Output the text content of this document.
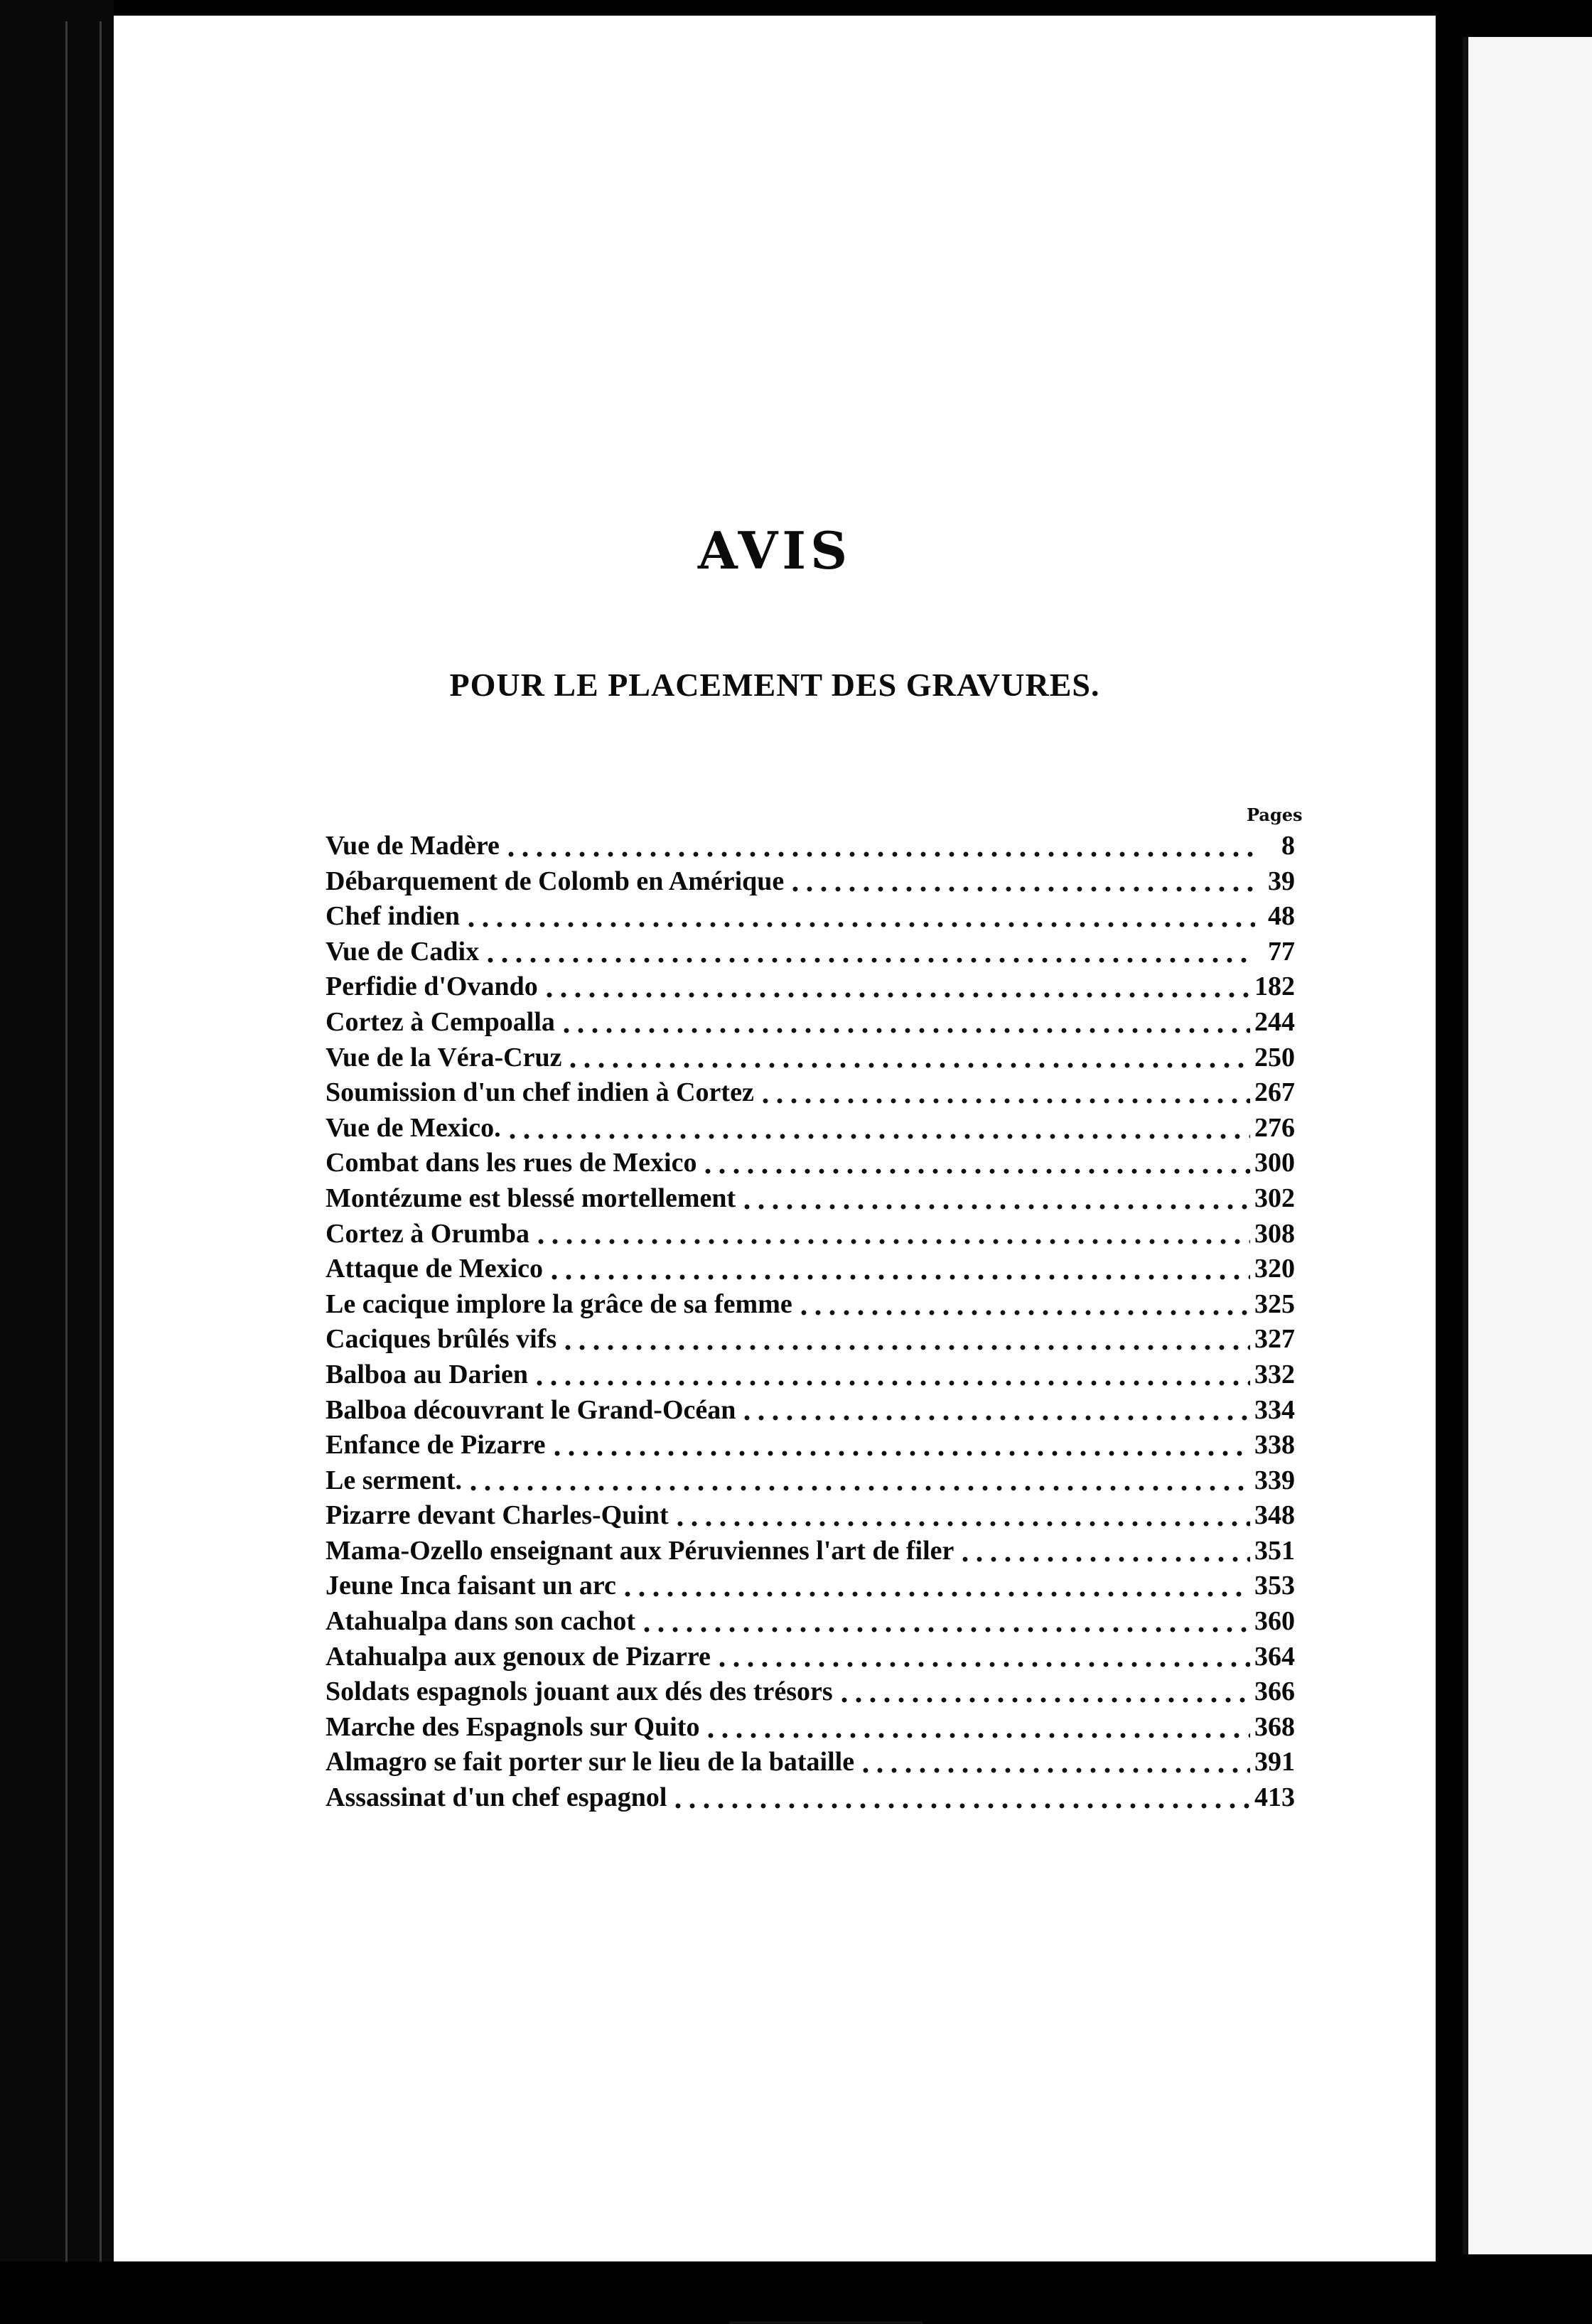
AVIS
POUR LE PLACEMENT DES GRAVURES.
Pages
Vue de Madère	8
Débarquement de Colomb en Amérique	39
Chef indien	48
Vue de Cadix	77
Perfidie d'Ovando	182
Cortez à Cempoalla	244
Vue de la Véra-Cruz	250
Soumission d'un chef indien à Cortez	267
Vue de Mexico.	276
Combat dans les rues de Mexico	300
Montézume est blessé mortellement	302
Cortez à Orumba	308
Attaque de Mexico	320
Le cacique implore la grâce de sa femme	325
Caciques brûlés vifs	327
Balboa au Darien	332
Balboa découvrant le Grand-Océan	334
Enfance de Pizarre	338
Le serment.	339
Pizarre devant Charles-Quint	348
Mama-Ozello enseignant aux Péruviennes l'art de filer	351
Jeune Inca faisant un arc	353
Atahualpa dans son cachot	360
Atahualpa aux genoux de Pizarre	364
Soldats espagnols jouant aux dés des trésors	366
Marche des Espagnols sur Quito	368
Almagro se fait porter sur le lieu de la bataille	391
Assassinat d'un chef espagnol	413
